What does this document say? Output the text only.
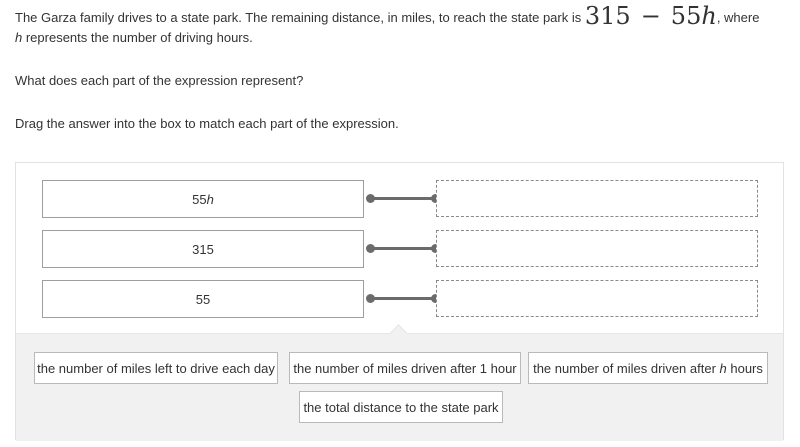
The Garza family drives to a state park. The remaining distance, in miles, to reach the state park is 315 − 55h, where

h represents the number of driving hours.

What does each part of the expression represent?

Drag the answer into the box to match each part of the expression.

55 h
315
55
the number of miles left to drive each day the number of miles driven after 1 hour the number of miles driven after h hours
the total distance to the state park
